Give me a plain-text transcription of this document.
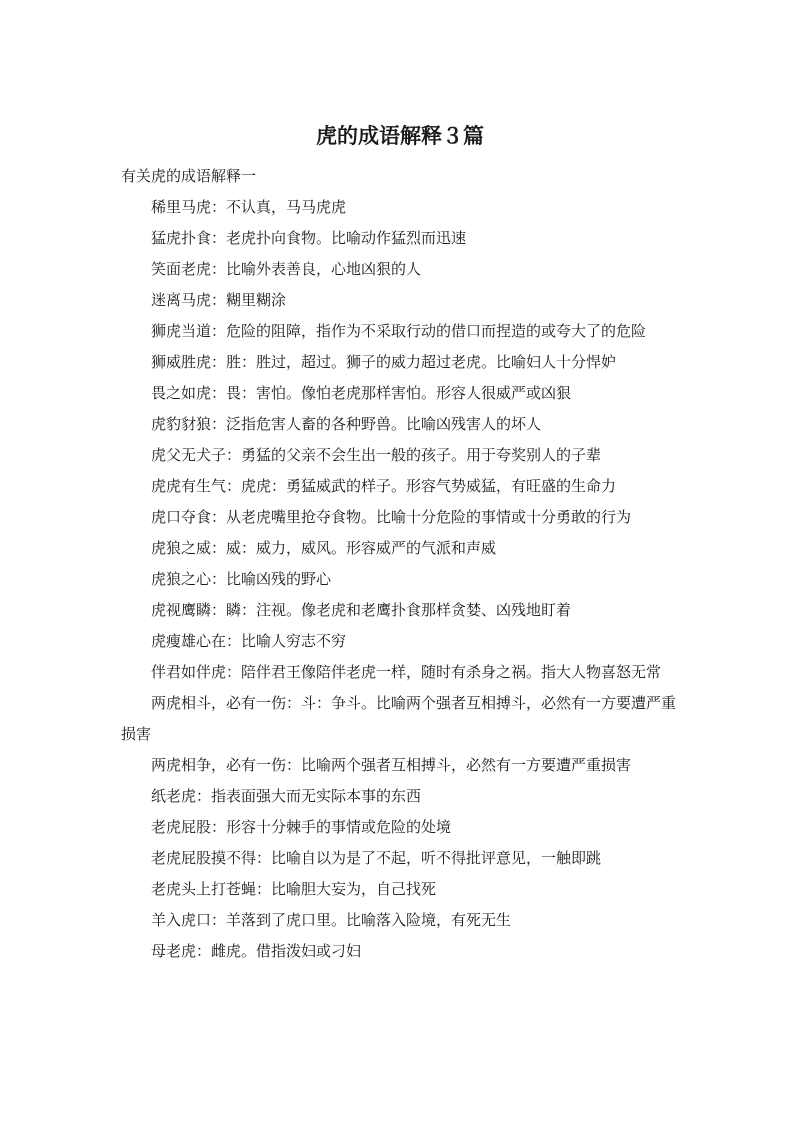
虎的成语解释３篇

有关虎的成语解释一

稀里马虎：不认真，马马虎虎

猛虎扑食：老虎扑向食物。比喻动作猛烈而迅速

笑面老虎：比喻外表善良，心地凶狠的人

迷离马虎：糊里糊涂

狮虎当道：危险的阻障，指作为不采取行动的借口而捏造的或夸大了的危险

狮威胜虎：胜：胜过，超过。狮子的威力超过老虎。比喻妇人十分悍妒

畏之如虎：畏：害怕。像怕老虎那样害怕。形容人很威严或凶狠

虎豹豺狼：泛指危害人畜的各种野兽。比喻凶残害人的坏人

虎父无犬子：勇猛的父亲不会生出一般的孩子。用于夸奖别人的子辈

虎虎有生气：虎虎：勇猛威武的样子。形容气势威猛，有旺盛的生命力

虎口夺食：从老虎嘴里抢夺食物。比喻十分危险的事情或十分勇敢的行为

虎狼之威：威：威力，威风。形容威严的气派和声威

虎狼之心：比喻凶残的野心

虎视鹰瞵：瞵：注视。像老虎和老鹰扑食那样贪婪、凶残地盯着

虎瘦雄心在：比喻人穷志不穷

伴君如伴虎：陪伴君王像陪伴老虎一样，随时有杀身之祸。指大人物喜怒无常

两虎相斗，必有一伤：斗：争斗。比喻两个强者互相搏斗，必然有一方要遭严重损害

两虎相争，必有一伤：比喻两个强者互相搏斗，必然有一方要遭严重损害

纸老虎：指表面强大而无实际本事的东西

老虎屁股：形容十分棘手的事情或危险的处境

老虎屁股摸不得：比喻自以为是了不起，听不得批评意见，一触即跳

老虎头上打苍蝇：比喻胆大妄为，自己找死

羊入虎口：羊落到了虎口里。比喻落入险境，有死无生

母老虎：雌虎。借指泼妇或刁妇
